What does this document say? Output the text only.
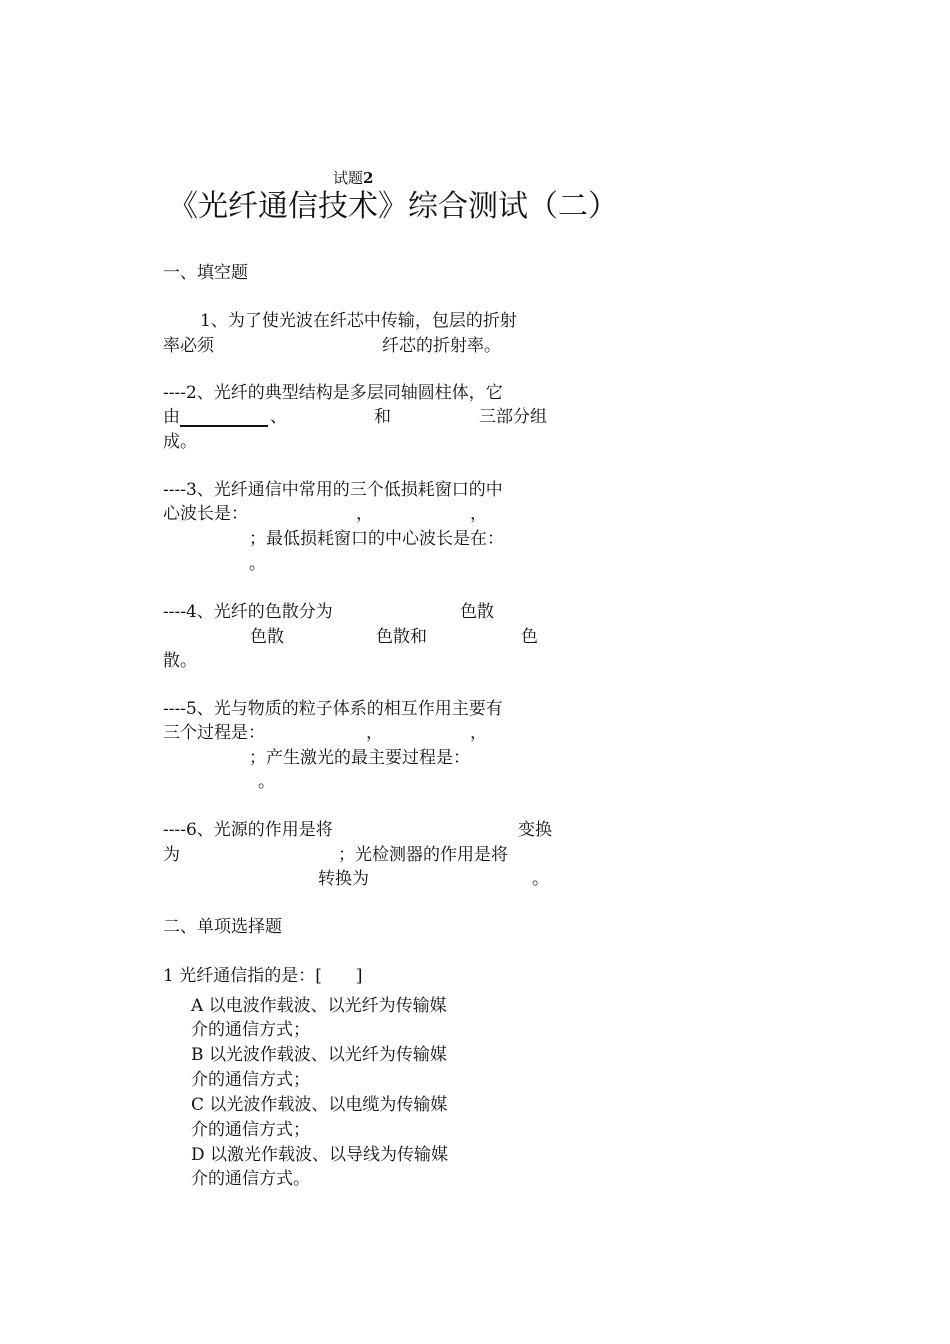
试题2
《光纤通信技术》综合测试（二）
一、填空题
1、为了使光波在纤芯中传输，包层的折射
率必须	纤芯的折射率。
----2、光纤的典型结构是多层同轴圆柱体，它
由	、	和	三部分组
成。
----3、光纤通信中常用的三个低损耗窗口的中
心波长是：	，	，
；最低损耗窗口的中心波长是在：
。
----4、光纤的色散分为	色散
色散	色散和	色
散。
----5、光与物质的粒子体系的相互作用主要有
三个过程是：	，	，
；产生激光的最主要过程是：
。
----6、光源的作用是将	变换
为	；光检测器的作用是将
转换为	。
二、单项选择题
1 光纤通信指的是：[　　]
A 以电波作载波、以光纤为传输媒
介的通信方式；
B 以光波作载波、以光纤为传输媒
介的通信方式；
C 以光波作载波、以电缆为传输媒
介的通信方式；
D 以激光作载波、以导线为传输媒
介的通信方式。
